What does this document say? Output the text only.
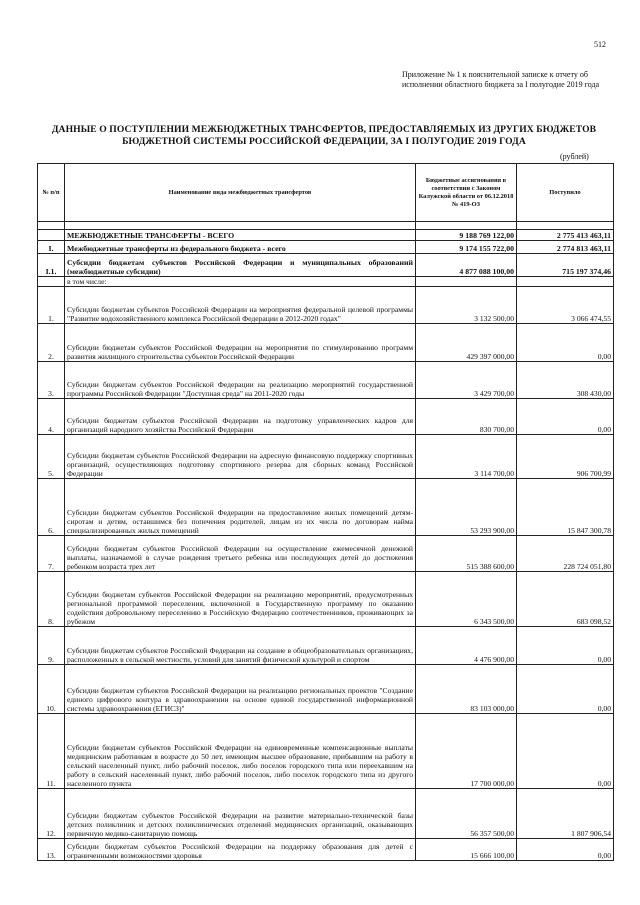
512
Приложение № 1 к пояснительной записке к отчету об исполнении областного бюджета за I полугодие 2019 года
ДАННЫЕ О ПОСТУПЛЕНИИ МЕЖБЮДЖЕТНЫХ ТРАНСФЕРТОВ, ПРЕДОСТАВЛЯЕМЫХ ИЗ ДРУГИХ БЮДЖЕТОВ БЮДЖЕТНОЙ СИСТЕМЫ РОССИЙСКОЙ ФЕДЕРАЦИИ, ЗА I ПОЛУГОДИЕ 2019 ГОДА
(рублей)
№ п/п	Наименование вида межбюджетных трансфертов	Бюджетные ассигнования в соответствии с Законом Калужской области от 06.12.2018 № 419-ОЗ	Поступило

	МЕЖБЮДЖЕТНЫЕ ТРАНСФЕРТЫ - ВСЕГО	9 188 769 122,00	2 775 413 463,11
I.	Межбюджетные трансферты из федерального бюджета - всего	9 174 155 722,00	2 774 813 463,11
I.1.	Субсидии бюджетам субъектов Российской Федерации и муниципальных образований (межбюджетные субсидии)	4 877 088 100,00	715 197 374,46
	в том числе:		
1.	Субсидии бюджетам субъектов Российской Федерации на мероприятия федеральной целевой программы "Развитие водохозяйственного комплекса Российской Федерации в 2012-2020 годах"	3 132 500,00	3 066 474,55
2.	Субсидии бюджетам субъектов Российской Федерации на мероприятия по стимулированию программ развития жилищного строительства субъектов Российской Федерации	429 397 000,00	0,00
3.	Субсидии бюджетам субъектов Российской Федерации на реализацию мероприятий государственной программы Российской Федерации "Доступная среда" на 2011-2020 годы	3 429 700,00	308 430,00
4.	Субсидии бюджетам субъектов Российской Федерации на подготовку управленческих кадров для организаций народного хозяйства Российской Федерации	830 700,00	0,00
5.	Субсидии бюджетам субъектов Российской Федерации на адресную финансовую поддержку спортивных организаций, осуществляющих подготовку спортивного резерва для сборных команд Российской Федерации	3 114 700,00	906 700,99
6.	Субсидии бюджетам субъектов Российской Федерации на предоставление жилых помещений детям-сиротам и детям, оставшимся без попечения родителей, лицам из их числа по договорам найма специализированных жилых помещений	53 293 900,00	15 847 300,78
7.	Субсидии бюджетам субъектов Российской Федерации на осуществление ежемесячной денежной выплаты, назначаемой в случае рождения третьего ребенка или последующих детей до достижения ребенком возраста трех лет	515 388 600,00	228 724 051,80
8.	Субсидии бюджетам субъектов Российской Федерации на реализацию мероприятий, предусмотренных региональной программой переселения, включенной в Государственную программу по оказанию содействия добровольному переселению в Российскую Федерацию соотечественников, проживающих за рубежом	6 343 500,00	683 098,52
9.	Субсидии бюджетам субъектов Российской Федерации на создание в общеобразовательных организациях, расположенных в сельской местности, условий для занятий физической культурой и спортом	4 476 900,00	0,00
10.	Субсидии бюджетам субъектов Российской Федерации на реализацию региональных проектов "Создание единого цифрового контура в здравоохранении на основе единой государственной информационной системы здравоохранения (ЕГИСЗ)"	83 103 000,00	0,00
11.	Субсидии бюджетам субъектов Российской Федерации на единовременные компенсационные выплаты медицинским работникам в возрасте до 50 лет, имеющим высшее образование, прибывшим на работу в сельский населенный пункт, либо рабочий поселок, либо поселок городского типа или переехавшим на работу в сельский населенный пункт, либо рабочий поселок, либо поселок городского типа из другого населенного пункта	17 700 000,00	0,00
12.	Субсидии бюджетам субъектов Российской Федерации на развитие материально-технической базы детских поликлиник и детских поликлинических отделений медицинских организаций, оказывающих первичную медико-санитарную помощь	56 357 500,00	1 807 906,54
13.	Субсидии бюджетам субъектов Российской Федерации на поддержку образования для детей с ограниченными возможностями здоровья	15 666 100,00	0,00
